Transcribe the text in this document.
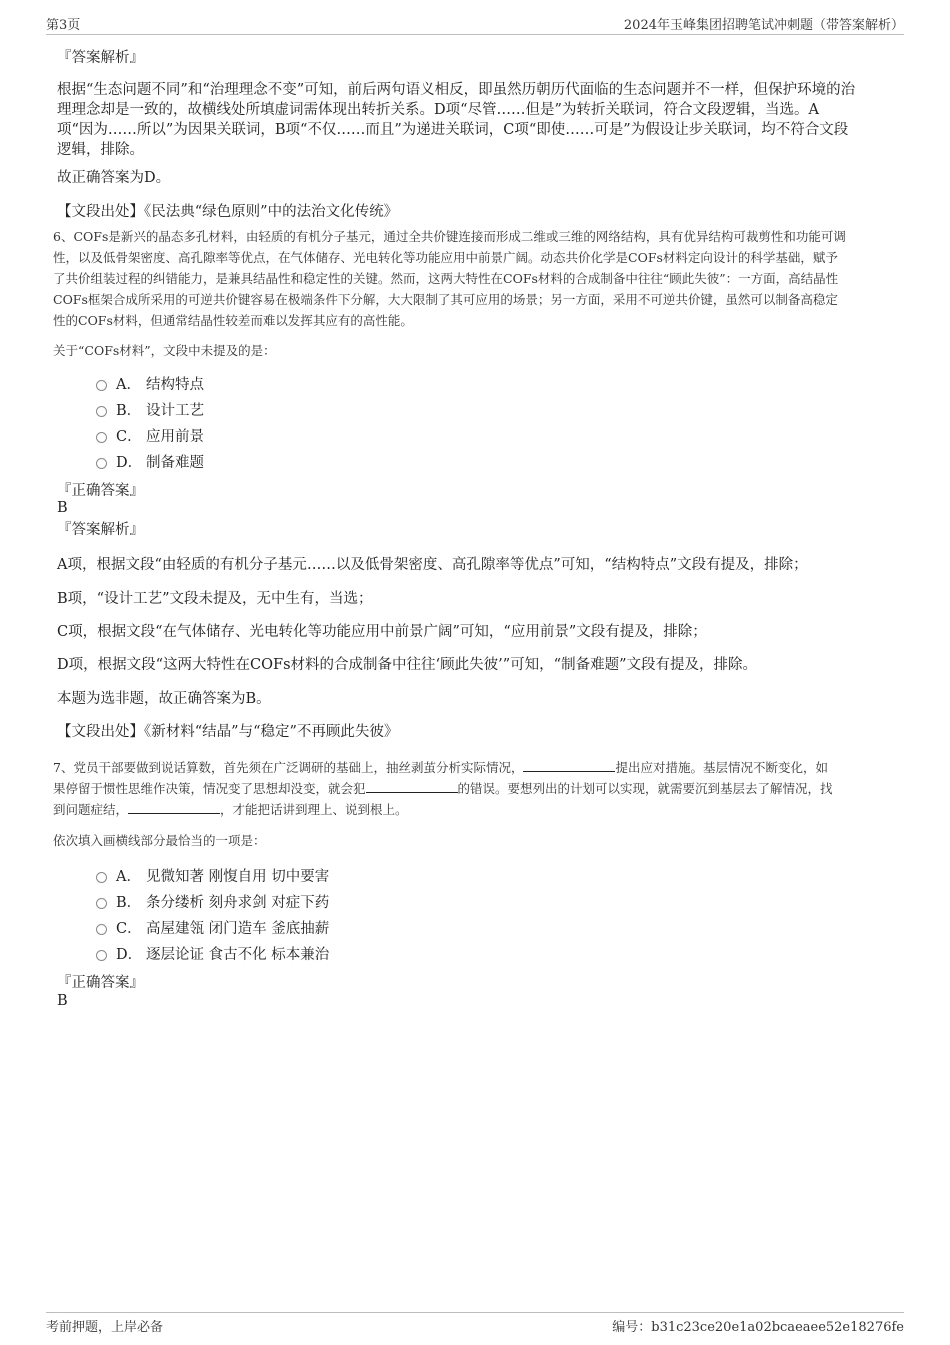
第3页	2024年玉峰集团招聘笔试冲刺题（带答案解析）
『答案解析』
根据“生态问题不同”和“治理理念不变”可知，前后两句语义相反，即虽然历朝历代面临的生态问题并不一样，但保护环境的治
理理念却是一致的，故横线处所填虚词需体现出转折关系。D项“尽管……但是”为转折关联词，符合文段逻辑，当选。A
项“因为……所以”为因果关联词，B项“不仅……而且”为递进关联词，C项“即使……可是”为假设让步关联词，均不符合文段
逻辑，排除。
故正确答案为D。
【文段出处】《民法典“绿色原则”中的法治文化传统》
6、COFs是新兴的晶态多孔材料，由轻质的有机分子基元，通过全共价键连接而形成二维或三维的网络结构，具有优异结构可裁剪性和功能可调
性，以及低骨架密度、高孔隙率等优点，在气体储存、光电转化等功能应用中前景广阔。动态共价化学是COFs材料定向设计的科学基础，赋予
了共价组装过程的纠错能力，是兼具结晶性和稳定性的关键。然而，这两大特性在COFs材料的合成制备中往往“顾此失彼”：一方面，高结晶性
COFs框架合成所采用的可逆共价键容易在极端条件下分解，大大限制了其可应用的场景；另一方面，采用不可逆共价键，虽然可以制备高稳定
性的COFs材料，但通常结晶性较差而难以发挥其应有的高性能。
关于“COFs材料”，文段中未提及的是：
A． 结构特点
B． 设计工艺
C． 应用前景
D． 制备难题
『正确答案』
B
『答案解析』
A项，根据文段“由轻质的有机分子基元……以及低骨架密度、高孔隙率等优点”可知，“结构特点”文段有提及，排除；
B项，“设计工艺”文段未提及，无中生有，当选；
C项，根据文段“在气体储存、光电转化等功能应用中前景广阔”可知，“应用前景”文段有提及，排除；
D项，根据文段“这两大特性在COFs材料的合成制备中往往‘顾此失彼’”可知，“制备难题”文段有提及，排除。
本题为选非题，故正确答案为B。
【文段出处】《新材料“结晶”与“稳定”不再顾此失彼》
7、党员干部要做到说话算数，首先须在广泛调研的基础上，抽丝剥茧分析实际情况，	提出应对措施。基层情况不断变化，如
果停留于惯性思维作决策，情况变了思想却没变，就会犯	的错误。要想列出的计划可以实现，就需要沉到基层去了解情况，找
到问题症结，	，才能把话讲到理上、说到根上。
依次填入画横线部分最恰当的一项是：
A． 见微知著 刚愎自用 切中要害
B． 条分缕析 刻舟求剑 对症下药
C． 高屋建瓴 闭门造车 釜底抽薪
D． 逐层论证 食古不化 标本兼治
『正确答案』
B
考前押题，上岸必备	编号：b31c23ce20e1a02bcaeaee52e18276fe
